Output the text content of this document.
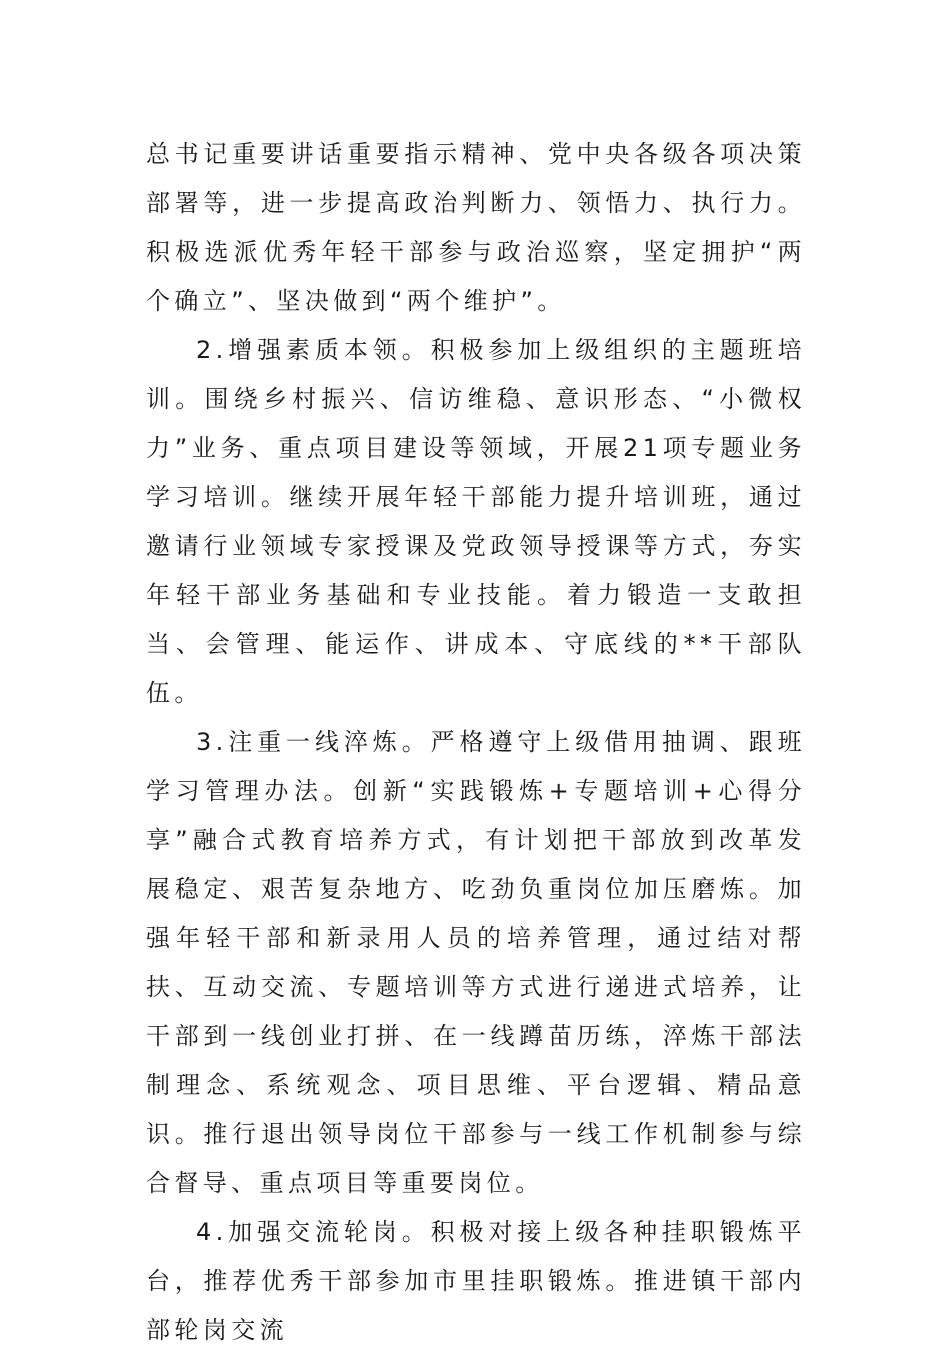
总书记重要讲话重要指示精神、党中央各级各项决策部署等，进一步提高政治判断力、领悟力、执行力。积极选派优秀年轻干部参与政治巡察，坚定拥护“两个确立”、坚决做到“两个维护”。

2.增强素质本领。积极参加上级组织的主题班培训。围绕乡村振兴、信访维稳、意识形态、“小微权力”业务、重点项目建设等领域，开展21项专题业务学习培训。继续开展年轻干部能力提升培训班，通过邀请行业领域专家授课及党政领导授课等方式，夯实年轻干部业务基础和专业技能。着力锻造一支敢担当、会管理、能运作、讲成本、守底线的**干部队伍。

3.注重一线淬炼。严格遵守上级借用抽调、跟班学习管理办法。创新“实践锻炼+专题培训+心得分享”融合式教育培养方式，有计划把干部放到改革发展稳定、艰苦复杂地方、吃劲负重岗位加压磨炼。加强年轻干部和新录用人员的培养管理，通过结对帮扶、互动交流、专题培训等方式进行递进式培养，让干部到一线创业打拼、在一线蹲苗历练，淬炼干部法制理念、系统观念、项目思维、平台逻辑、精品意识。推行退出领导岗位干部参与一线工作机制参与综合督导、重点项目等重要岗位。

4.加强交流轮岗。积极对接上级各种挂职锻炼平台，推荐优秀干部参加市里挂职锻炼。推进镇干部内部轮岗交流
